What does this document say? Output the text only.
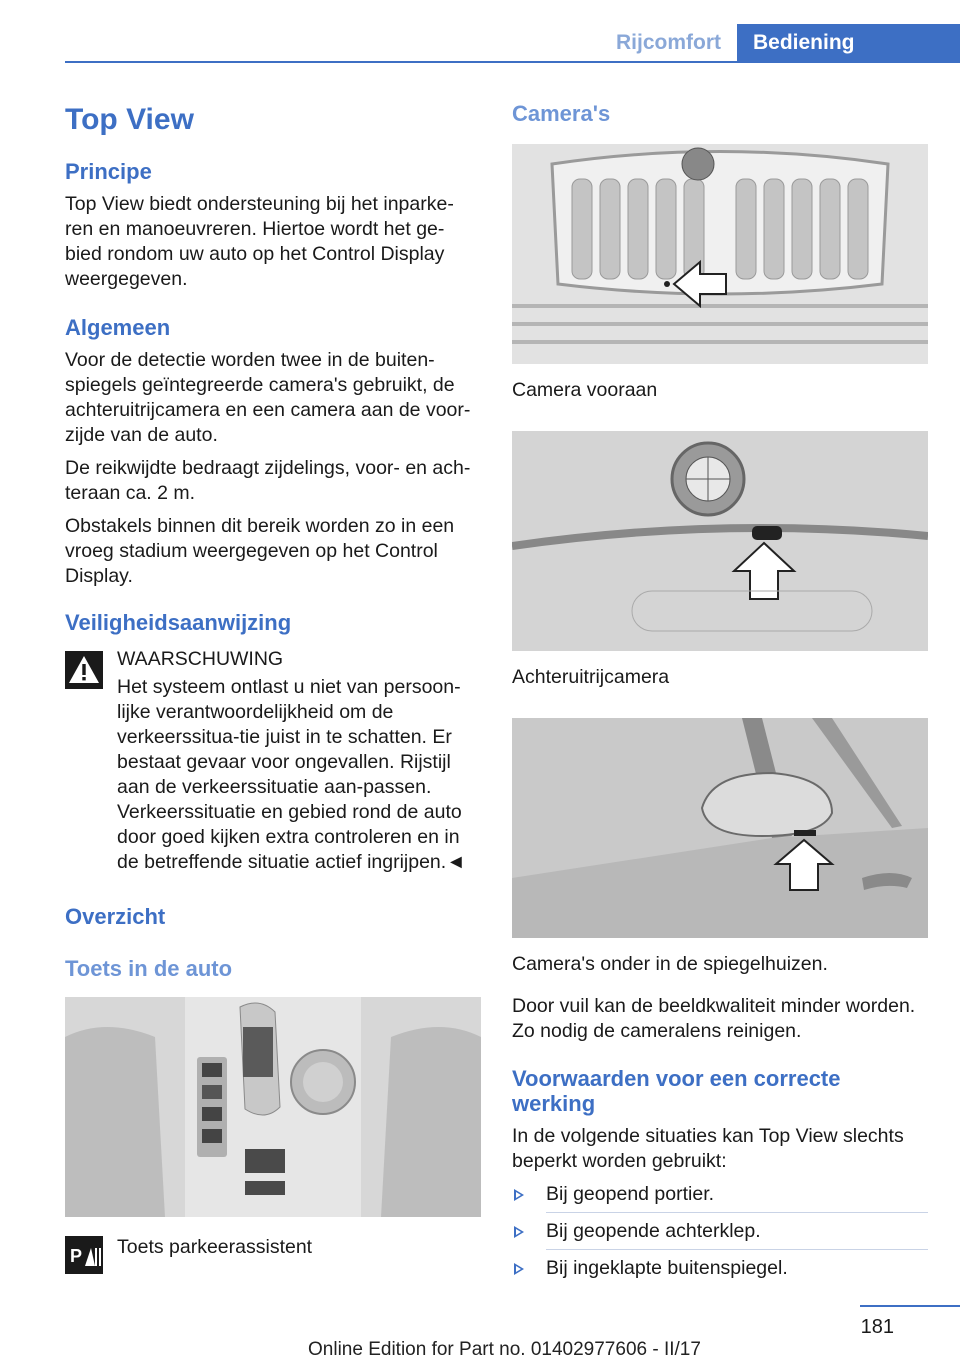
Rijcomfort	Bediening
Top View
Principe

Top View biedt ondersteuning bij het inparke-ren en manoeuvreren. Hiertoe wordt het ge-bied rondom uw auto op het Control Display weergegeven.

Algemeen

Voor de detectie worden twee in de buiten-spiegels geïntegreerde camera's gebruikt, de achteruitrijcamera en een camera aan de voor-zijde van de auto.

De reikwijdte bedraagt zijdelings, voor- en ach-teraan ca. 2 m.

Obstakels binnen dit bereik worden zo in een vroeg stadium weergegeven op het Control Display.

Veiligheidsaanwijzing

WAARSCHUWING

Het systeem ontlast u niet van persoon-lijke verantwoordelijkheid om de verkeerssitua-tie juist in te schatten. Er bestaat gevaar voor ongevallen. Rijstijl aan de verkeerssituatie aan-passen. Verkeerssituatie en gebied rond de auto door goed kijken extra controleren en in de betreffende situatie actief ingrijpen.◄

Overzicht
Toets in de auto
P Toets parkeerassistent

Camera's

Camera vooraan

Achteruitrijcamera

Camera's onder in de spiegelhuizen.

Door vuil kan de beeldkwaliteit minder worden. Zo nodig de cameralens reinigen.

Voorwaarden voor een correcte werking

In de volgende situaties kan Top View slechts beperkt worden gebruikt:

Bij geopend portier.
Bij geopende achterklep.
Bij ingeklapte buitenspiegel.
181
Online Edition for Part no. 01402977606 - II/17
